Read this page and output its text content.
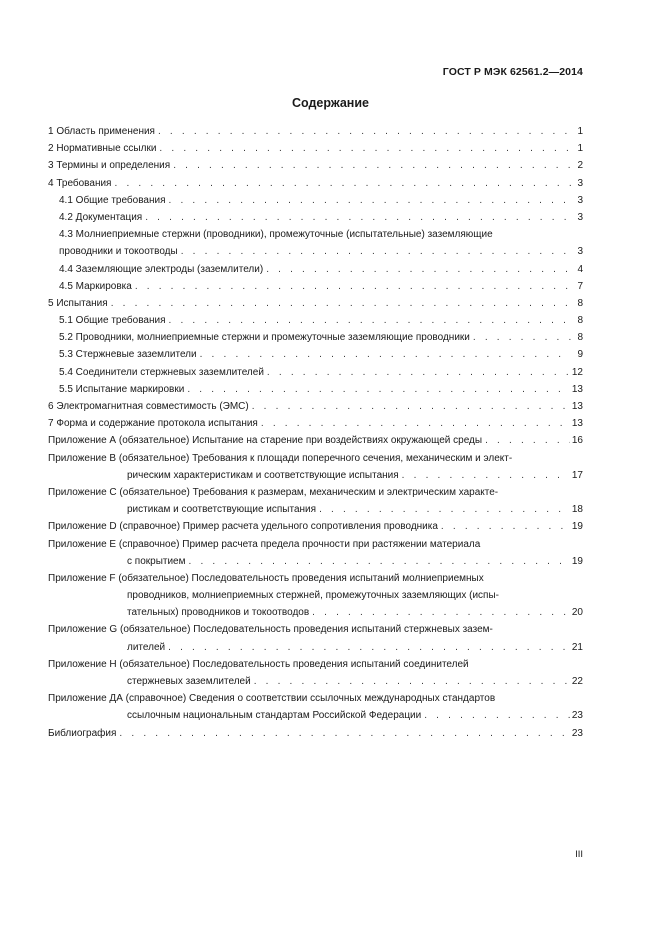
ГОСТ Р МЭК 62561.2—2014
Содержание
1 Область применения . . .	1
2 Нормативные ссылки . . .	1
3 Термины и определения . . .	2
4 Требования . . .	3
4.1 Общие требования . . .	3
4.2 Документация . . .	3
4.3 Молниеприемные стержни (проводники), промежуточные (испытательные) заземляющие
проводники и токоотводы . . .	3
4.4 Заземляющие электроды (заземлители) . . .	4
4.5 Маркировка . . .	7
5 Испытания . . .	8
5.1 Общие требования . . .	8
5.2 Проводники, молниеприемные стержни и промежуточные заземляющие проводники . . .	8
5.3 Стержневые заземлители . . .	9
5.4 Соединители стержневых заземлителей . . .	12
5.5 Испытание маркировки . . .	13
6 Электромагнитная совместимость (ЭМС) . . .	13
7 Форма и содержание протокола испытания . . .	13
Приложение А (обязательное) Испытание на старение при воздействиях окружающей среды . . .	16
Приложение В (обязательное) Требования к площади поперечного сечения, механическим и элект-
рическим характеристикам и соответствующие испытания . . .	17
Приложение С (обязательное) Требования к размерам, механическим и электрическим характе-
ристикам и соответствующие испытания . . .	18
Приложение D (справочное) Пример расчета удельного сопротивления проводника . . .	19
Приложение Е (справочное) Пример расчета предела прочности при растяжении материала
с покрытием . . .	19
Приложение F (обязательное) Последовательность проведения испытаний молниеприемных
проводников, молниеприемных стержней, промежуточных заземляющих (испы-
тательных) проводников и токоотводов . . .	20
Приложение G (обязательное) Последовательность проведения испытаний стержневых зазем-
лителей . . .	21
Приложение Н (обязательное) Последовательность проведения испытаний соединителей
стержневых заземлителей . . .	22
Приложение ДА (справочное) Сведения о соответствии ссылочных международных стандартов
ссылочным национальным стандартам Российской Федерации . . .	23
Библиография . . .	23
III
